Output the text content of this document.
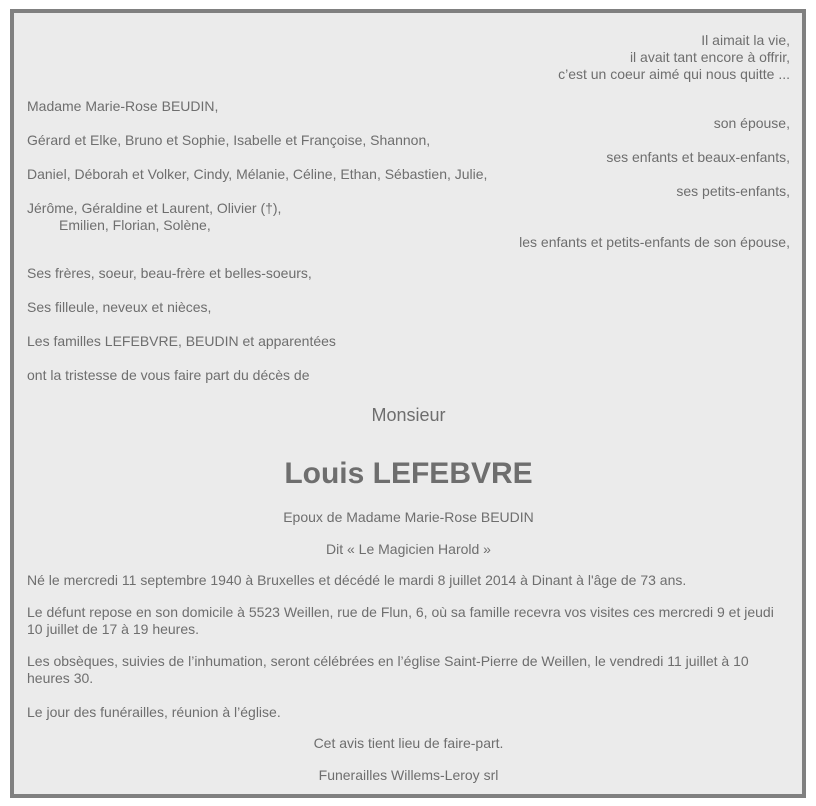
Il aimait la vie,
il avait tant encore à offrir,
c’est un coeur aimé qui nous quitte ...
Madame Marie-Rose BEUDIN,
son épouse,
Gérard et Elke, Bruno et Sophie, Isabelle et Françoise, Shannon,
ses enfants et beaux-enfants,
Daniel, Déborah et Volker, Cindy, Mélanie, Céline, Ethan, Sébastien, Julie,
ses petits-enfants,
Jérôme, Géraldine et Laurent, Olivier (†),
Emilien, Florian, Solène,
les enfants et petits-enfants de son épouse,
Ses frères, soeur, beau-frère et belles-soeurs,
Ses filleule, neveux et nièces,
Les familles LEFEBVRE, BEUDIN et apparentées
ont la tristesse de vous faire part du décès de
Monsieur
Louis LEFEBVRE
Epoux de Madame Marie-Rose BEUDIN
Dit « Le Magicien Harold »
Né le mercredi 11 septembre 1940 à Bruxelles et décédé le mardi 8 juillet 2014 à Dinant à l'âge de 73 ans.
Le défunt repose en son domicile à 5523 Weillen, rue de Flun, 6, où sa famille recevra vos visites ces mercredi 9 et jeudi 10 juillet de 17 à 19 heures.
Les obsèques, suivies de l’inhumation, seront célébrées en l’église Saint-Pierre de Weillen, le vendredi 11 juillet à 10 heures 30.
Le jour des funérailles, réunion à l’église.
Cet avis tient lieu de faire-part.
Funerailles Willems-Leroy srl
